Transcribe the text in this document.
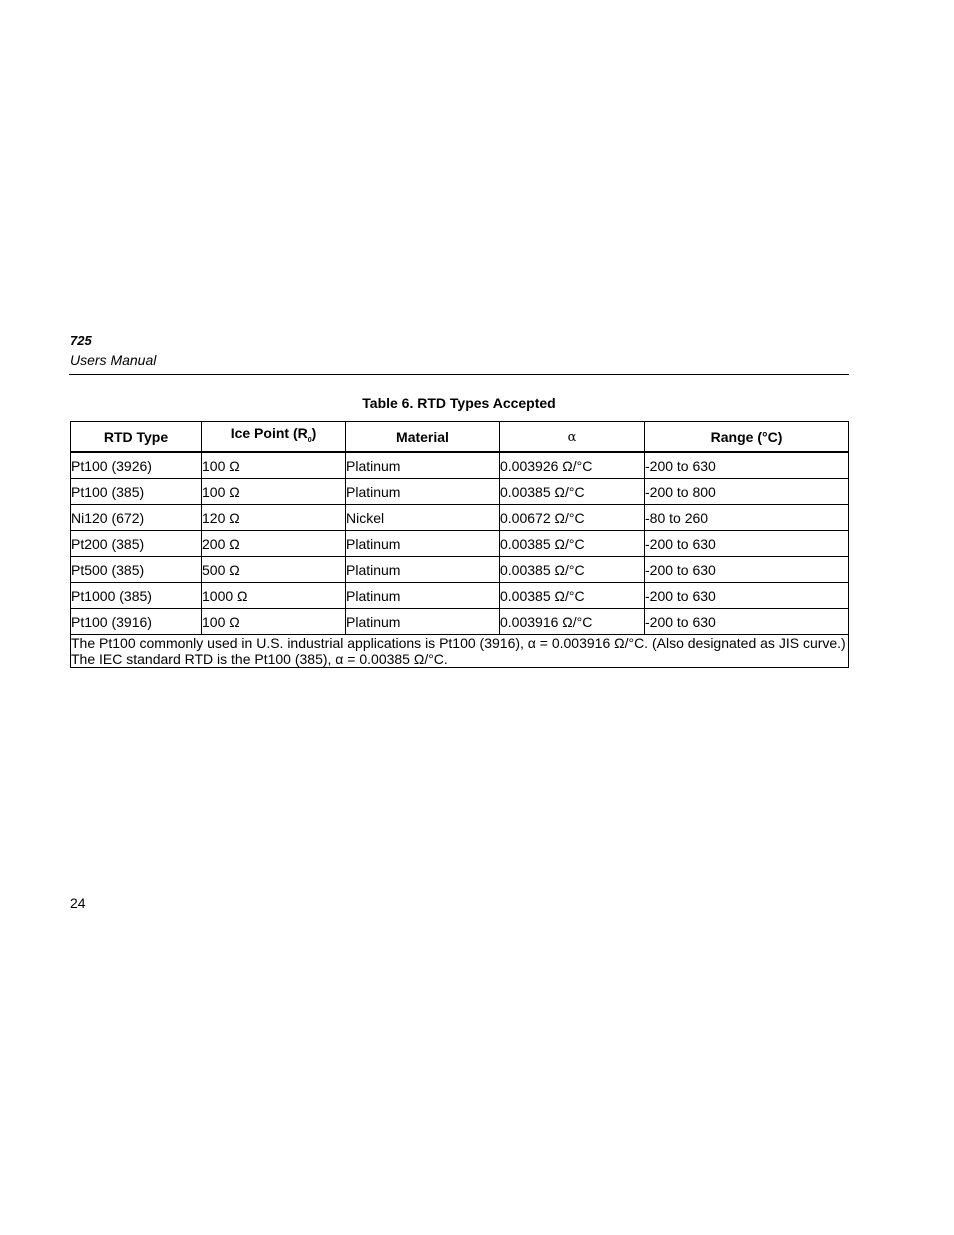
725
Users Manual
Table 6. RTD Types Accepted
RTD Type	Ice Point $(R_0)$	Material	α	Range (°C)
Pt100 (3926)	100 Ω	Platinum	0.003926 Ω/°C	-200 to 630
Pt100 (385)	100 Ω	Platinum	0.00385 Ω/°C	-200 to 800
Ni120 (672)	120 Ω	Nickel	0.00672 Ω/°C	-80 to 260
Pt200 (385)	200 Ω	Platinum	0.00385 Ω/°C	-200 to 630
Pt500 (385)	500 Ω	Platinum	0.00385 Ω/°C	-200 to 630
Pt1000 (385)	1000 Ω	Platinum	0.00385 Ω/°C	-200 to 630
Pt100 (3916)	100 Ω	Platinum	0.003916 Ω/°C	-200 to 630
The Pt100 commonly used in U.S. industrial applications is Pt100 (3916), α = 0.003916 Ω/°C. (Also designated as JIS curve.) The IEC standard RTD is the Pt100 (385), α = 0.00385 Ω/°C.				
24
